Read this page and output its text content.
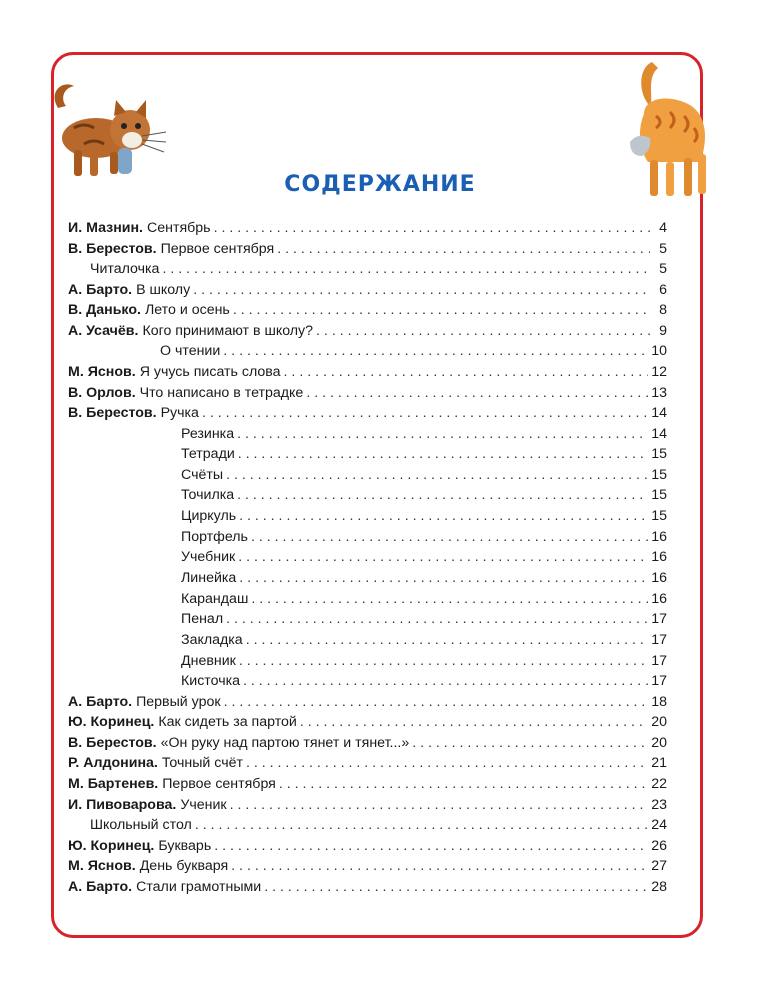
СОДЕРЖАНИЕ
И. Мазнин. Сентябрь . . .	4
В. Берестов. Первое сентября . . .	5
Читалочка . . .	5
А. Барто. В школу . . .	6
В. Данько. Лето и осень . . .	8
А. Усачёв. Кого принимают в школу? . . .	9
О чтении . . .	10
М. Яснов. Я учусь писать слова . . .	12
В. Орлов. Что написано в тетрадке . . .	13
В. Берестов. Ручка . . .	14
Резинка . . .	14
Тетради . . .	15
Счёты . . .	15
Точилка . . .	15
Циркуль . . .	15
Портфель . . .	16
Учебник . . .	16
Линейка . . .	16
Карандаш . . .	16
Пенал . . .	17
Закладка . . .	17
Дневник . . .	17
Кисточка . . .	17
А. Барто. Первый урок . . .	18
Ю. Коринец. Как сидеть за партой . . .	20
В. Берестов. «Он руку над партою тянет и тянет...» . . .	20
Р. Алдонина. Точный счёт . . .	21
М. Бартенев. Первое сентября . . .	22
И. Пивоварова. Ученик . . .	23
Школьный стол . . .	24
Ю. Коринец. Букварь . . .	26
М. Яснов. День букваря . . .	27
А. Барто. Стали грамотными . . .	28
